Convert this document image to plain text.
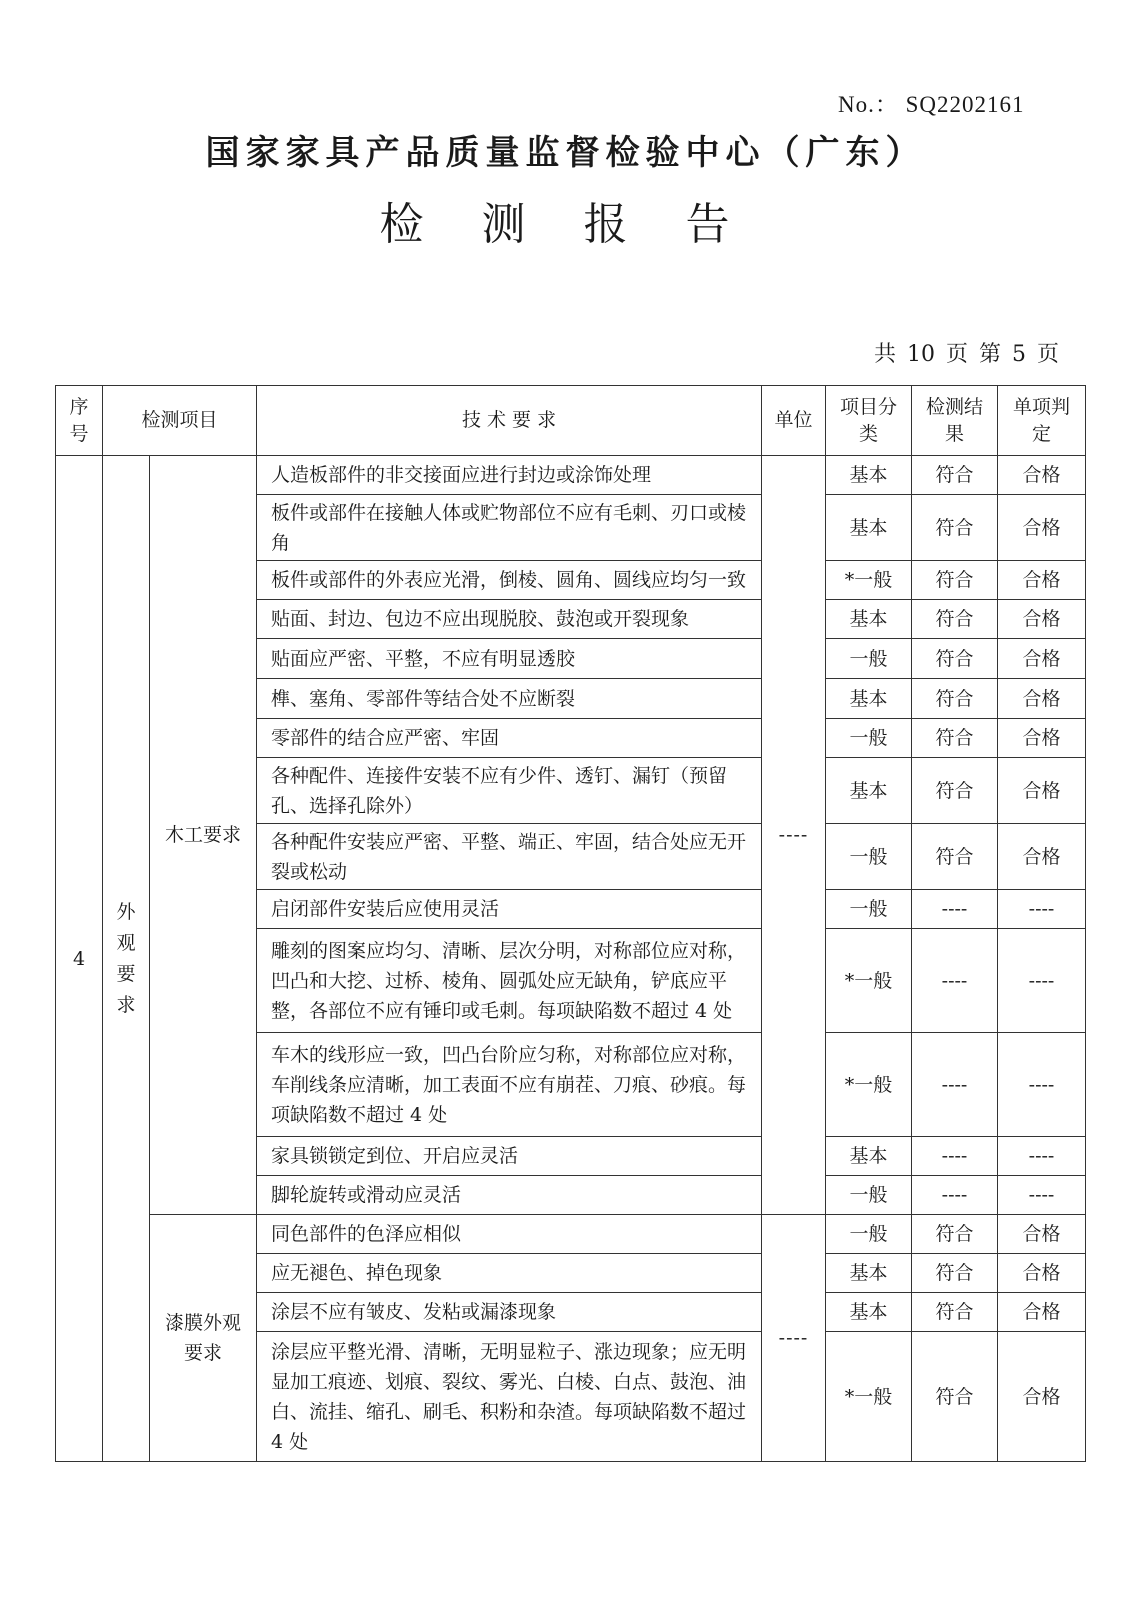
No.： SQ2202161
国家家具产品质量监督检验中心（广东）
检 测 报 告
共 10 页 第 5 页
序号	检测项目		技 术 要 求	单位	项目分类	检测结果	单项判定
4	外
观
要
求	木工要求	人造板部件的非交接面应进行封边或涂饰处理	----	基本	符合	合格
			板件或部件在接触人体或贮物部位不应有毛刺、刃口或棱角		基本	符合	合格
			板件或部件的外表应光滑，倒棱、圆角、圆线应均匀一致		*一般	符合	合格
			贴面、封边、包边不应出现脱胶、鼓泡或开裂现象		基本	符合	合格
			贴面应严密、平整，不应有明显透胶		一般	符合	合格
			榫、塞角、零部件等结合处不应断裂		基本	符合	合格
			零部件的结合应严密、牢固		一般	符合	合格
			各种配件、连接件安装不应有少件、透钉、漏钉（预留孔、选择孔除外）		基本	符合	合格
			各种配件安装应严密、平整、端正、牢固，结合处应无开裂或松动		一般	符合	合格
			启闭部件安装后应使用灵活		一般	----	----
			雕刻的图案应均匀、清晰、层次分明，对称部位应对称，凹凸和大挖、过桥、棱角、圆弧处应无缺角，铲底应平整，各部位不应有锤印或毛刺。每项缺陷数不超过 4 处		*一般	----	----
			车木的线形应一致，凹凸台阶应匀称，对称部位应对称，车削线条应清晰，加工表面不应有崩茬、刀痕、砂痕。每项缺陷数不超过 4 处		*一般	----	----
			家具锁锁定到位、开启应灵活		基本	----	----
			脚轮旋转或滑动应灵活		一般	----	----
		漆膜外观要求	同色部件的色泽应相似	----	一般	符合	合格
			应无褪色、掉色现象		基本	符合	合格
			涂层不应有皱皮、发粘或漏漆现象		基本	符合	合格
			涂层应平整光滑、清晰，无明显粒子、涨边现象；应无明显加工痕迹、划痕、裂纹、雾光、白棱、白点、鼓泡、油白、流挂、缩孔、刷毛、积粉和杂渣。每项缺陷数不超过 4 处		*一般	符合	合格
